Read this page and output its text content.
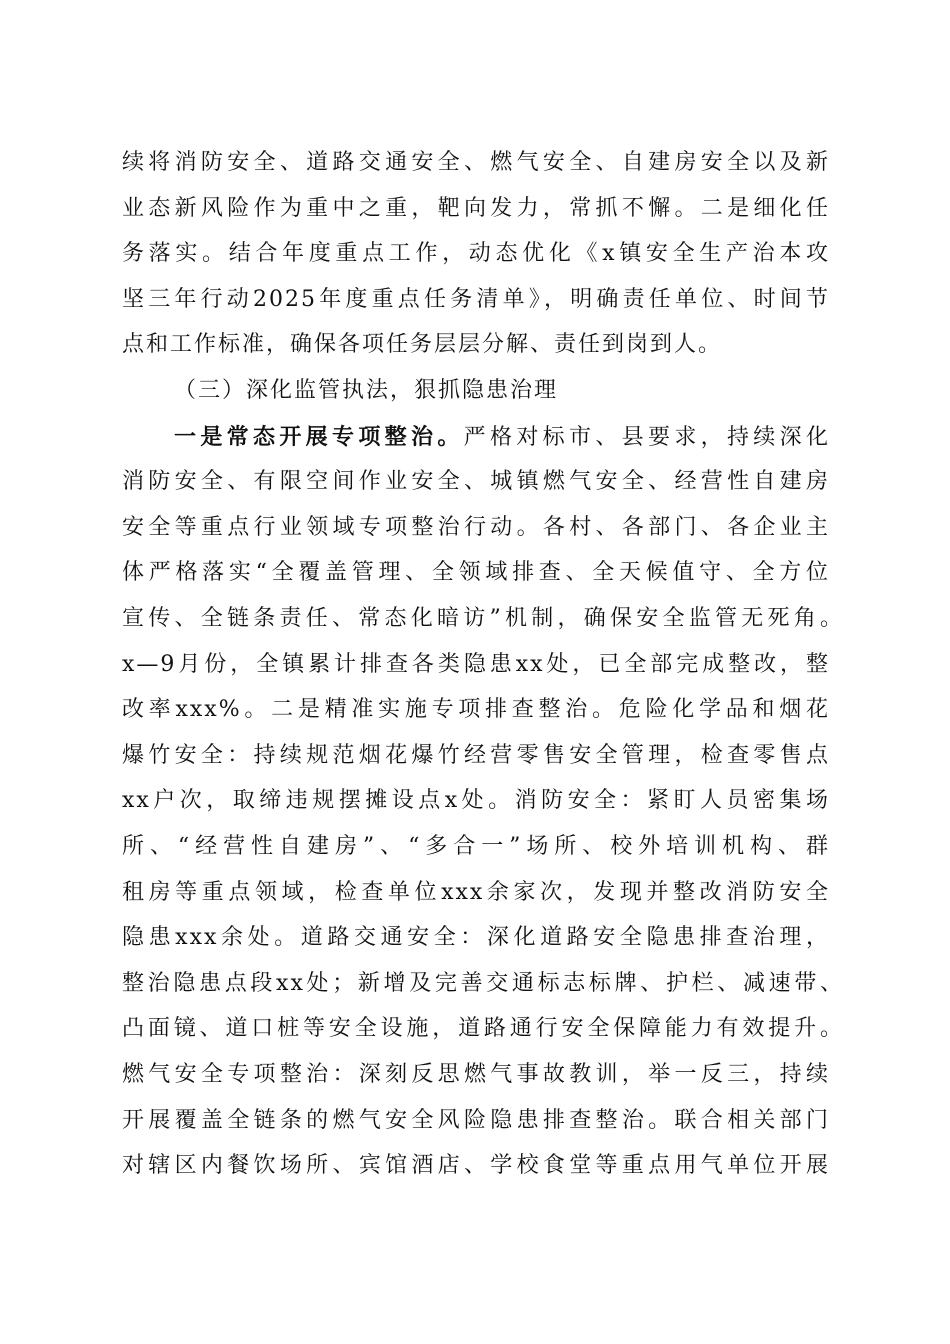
续将消防安全、道路交通安全、燃气安全、自建房安全以及新
业态新风险作为重中之重，靶向发力，常抓不懈。二是细化任
务落实。结合年度重点工作，动态优化《x镇安全生产治本攻
坚三年行动2025年度重点任务清单》，明确责任单位、时间节
点和工作标准，确保各项任务层层分解、责任到岗到人。
（三）深化监管执法，狠抓隐患治理
一是常态开展专项整治。严格对标市、县要求，持续深化
消防安全、有限空间作业安全、城镇燃气安全、经营性自建房
安全等重点行业领域专项整治行动。各村、各部门、各企业主
体严格落实“全覆盖管理、全领域排查、全天候值守、全方位
宣传、全链条责任、常态化暗访”机制，确保安全监管无死角。
x—9月份，全镇累计排查各类隐患xx处，已全部完成整改，整
改率xxx%。二是精准实施专项排查整治。危险化学品和烟花
爆竹安全：持续规范烟花爆竹经营零售安全管理，检查零售点
xx户次，取缔违规摆摊设点x处。消防安全：紧盯人员密集场
所、“经营性自建房”、“多合一”场所、校外培训机构、群
租房等重点领域，检查单位xxx余家次，发现并整改消防安全
隐患xxx余处。道路交通安全：深化道路安全隐患排查治理，
整治隐患点段xx处；新增及完善交通标志标牌、护栏、减速带、
凸面镜、道口桩等安全设施，道路通行安全保障能力有效提升。
燃气安全专项整治：深刻反思燃气事故教训，举一反三，持续
开展覆盖全链条的燃气安全风险隐患排查整治。联合相关部门
对辖区内餐饮场所、宾馆酒店、学校食堂等重点用气单位开展
